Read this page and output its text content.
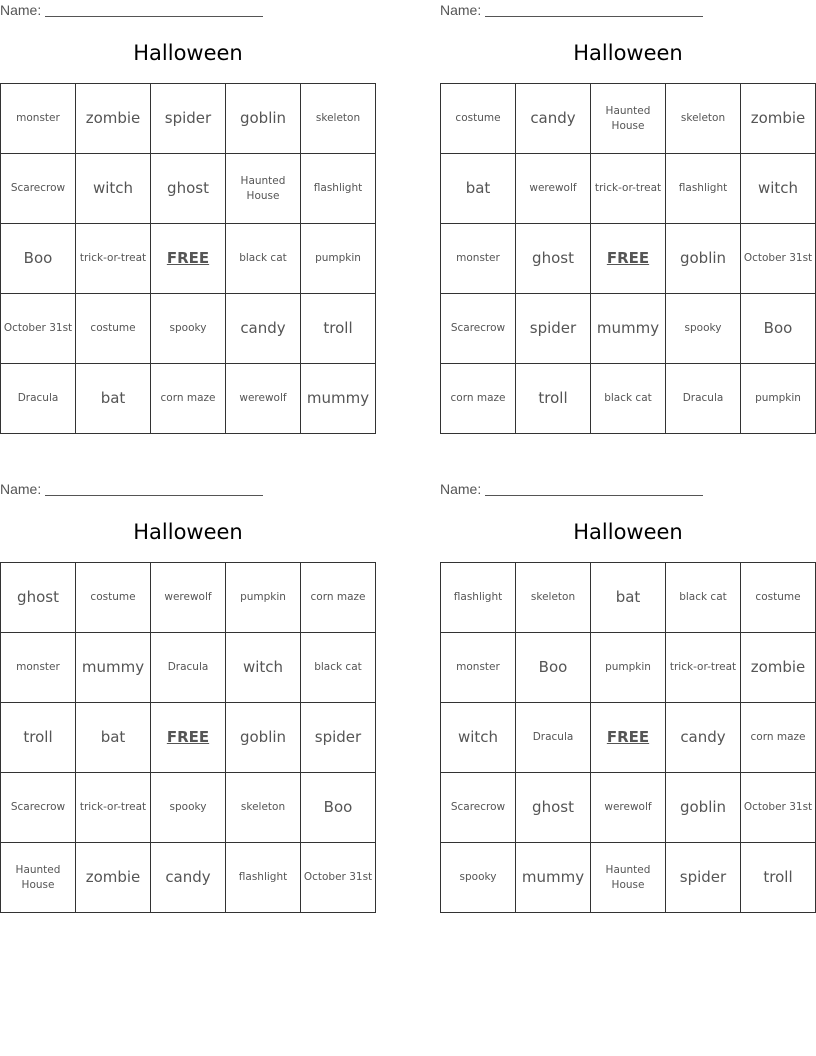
Name:
Halloween
monster	zombie	spider	goblin	skeleton
Scarecrow	witch	ghost	Haunted House	flashlight
Boo	trick-or-treat	FREE	black cat	pumpkin
October 31st	costume	spooky	candy	troll
Dracula	bat	corn maze	werewolf	mummy
Name:
Halloween
costume	candy	Haunted House	skeleton	zombie
bat	werewolf	trick-or-treat	flashlight	witch
monster	ghost	FREE	goblin	October 31st
Scarecrow	spider	mummy	spooky	Boo
corn maze	troll	black cat	Dracula	pumpkin
Name:
Halloween
ghost	costume	werewolf	pumpkin	corn maze
monster	mummy	Dracula	witch	black cat
troll	bat	FREE	goblin	spider
Scarecrow	trick-or-treat	spooky	skeleton	Boo
Haunted House	zombie	candy	flashlight	October 31st
Name:
Halloween
flashlight	skeleton	bat	black cat	costume
monster	Boo	pumpkin	trick-or-treat	zombie
witch	Dracula	FREE	candy	corn maze
Scarecrow	ghost	werewolf	goblin	October 31st
spooky	mummy	Haunted House	spider	troll
